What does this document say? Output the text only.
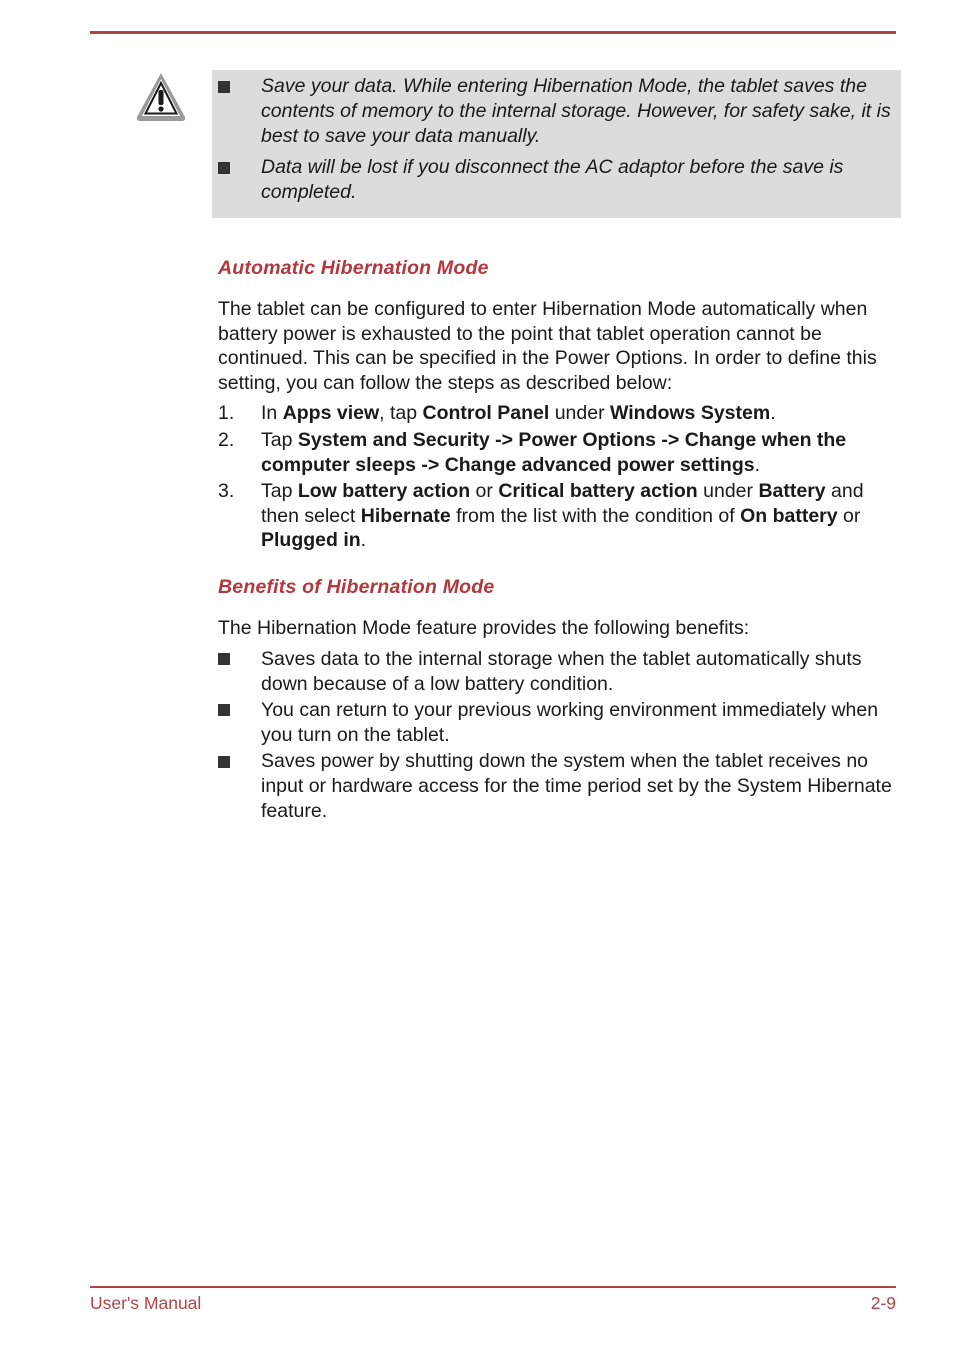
Save your data. While entering Hibernation Mode, the tablet saves the contents of memory to the internal storage. However, for safety sake, it is best to save your data manually.
Data will be lost if you disconnect the AC adaptor before the save is completed.
Automatic Hibernation Mode
The tablet can be configured to enter Hibernation Mode automatically when battery power is exhausted to the point that tablet operation cannot be continued. This can be specified in the Power Options. In order to define this setting, you can follow the steps as described below:
1. In Apps view, tap Control Panel under Windows System.
2. Tap System and Security -> Power Options -> Change when the computer sleeps -> Change advanced power settings.
3. Tap Low battery action or Critical battery action under Battery and then select Hibernate from the list with the condition of On battery or Plugged in.
Benefits of Hibernation Mode
The Hibernation Mode feature provides the following benefits:
Saves data to the internal storage when the tablet automatically shuts down because of a low battery condition.
You can return to your previous working environment immediately when you turn on the tablet.
Saves power by shutting down the system when the tablet receives no input or hardware access for the time period set by the System Hibernate feature.
User's Manual	2-9
